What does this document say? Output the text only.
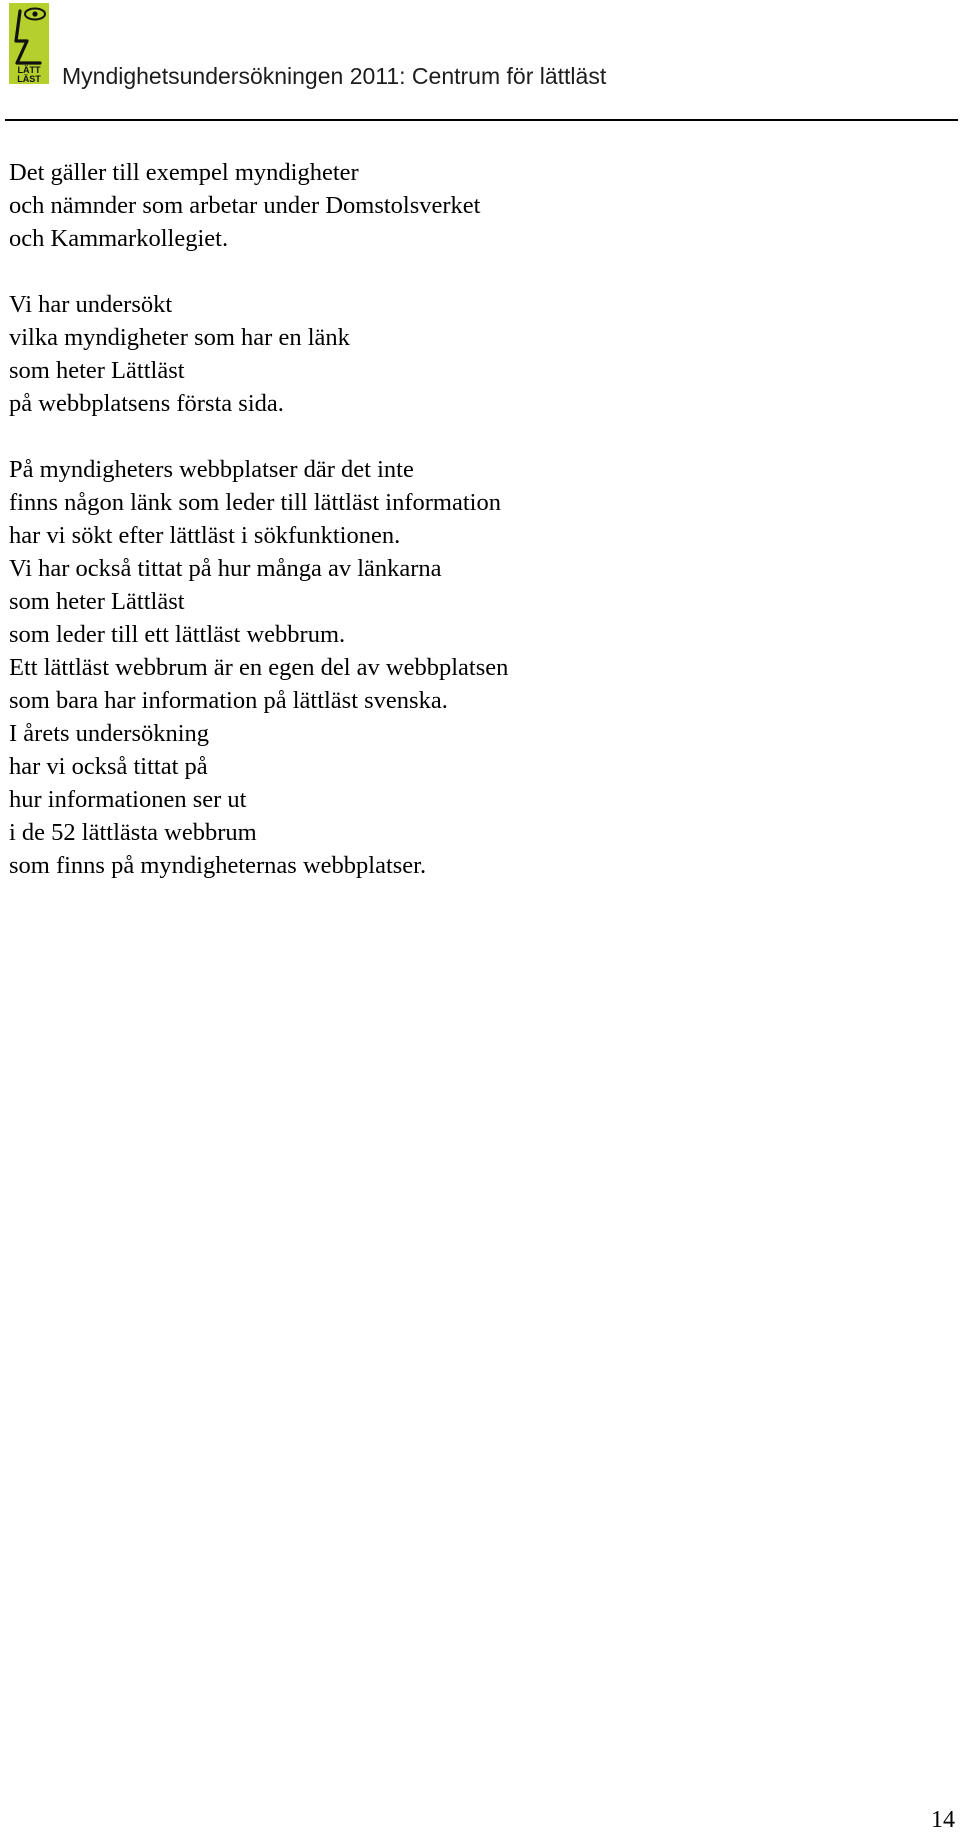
LÄTT
LÄST Myndighetsundersökningen 2011: Centrum för lättläst
Det gäller till exempel myndigheter
och nämnder som arbetar under Domstolsverket
och Kammarkollegiet.
Vi har undersökt
vilka myndigheter som har en länk
som heter Lättläst
på webbplatsens första sida.
På myndigheters webbplatser där det inte
finns någon länk som leder till lättläst information
har vi sökt efter lättläst i sökfunktionen.
Vi har också tittat på hur många av länkarna
som heter Lättläst
som leder till ett lättläst webbrum.
Ett lättläst webbrum är en egen del av webbplatsen
som bara har information på lättläst svenska.
I årets undersökning
har vi också tittat på
hur informationen ser ut
i de 52 lättlästa webbrum
som finns på myndigheternas webbplatser.
14
